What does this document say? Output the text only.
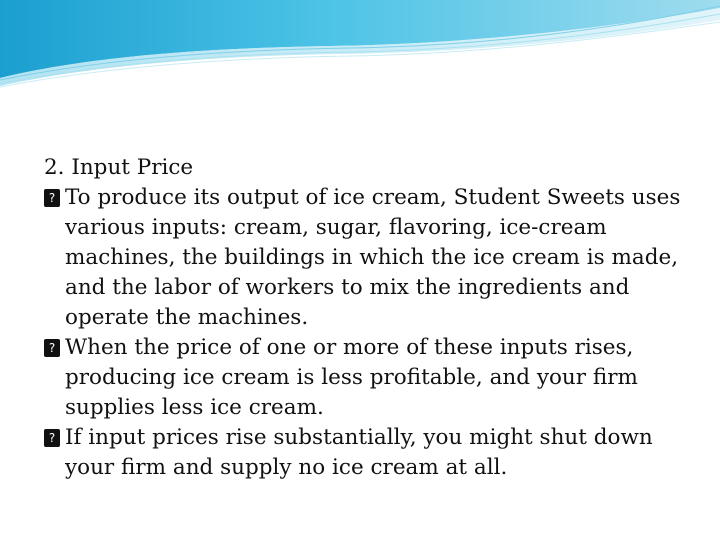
2. Input Price

? To produce its output of ice cream, Student Sweets uses various inputs: cream, sugar, flavoring, ice-cream machines, the buildings in which the ice cream is made, and the labor of workers to mix the ingredients and operate the machines.

? When the price of one or more of these inputs rises, producing ice cream is less profitable, and your firm supplies less ice cream.

? If input prices rise substantially, you might shut down your firm and supply no ice cream at all.
